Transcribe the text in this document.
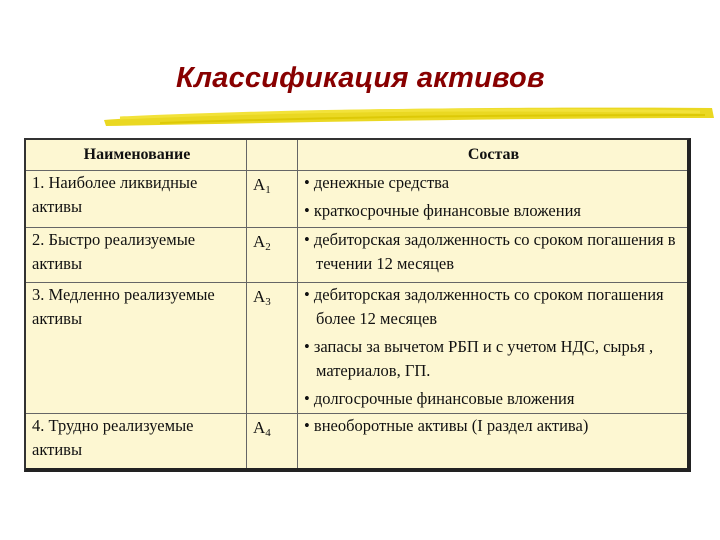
Классификация активов
Наименование		Состав
1. Наиболее ликвидные активы	$A_1$	• денежные средства
• краткосрочные финансовые вложения

2. Быстро реализуемые активы	$A_2$	• дебиторская задолженность со сроком погашения в течении 12 месяцев

3. Медленно реализуемые активы	$A_3$	• дебиторская задолженность со сроком погашения более 12 месяцев
• запасы за вычетом РБП и с учетом НДС, сырья , материалов, ГП.
• долгосрочные финансовые вложения

4. Трудно реализуемые активы	$A_4$	• внеоборотные активы (I раздел актива)
